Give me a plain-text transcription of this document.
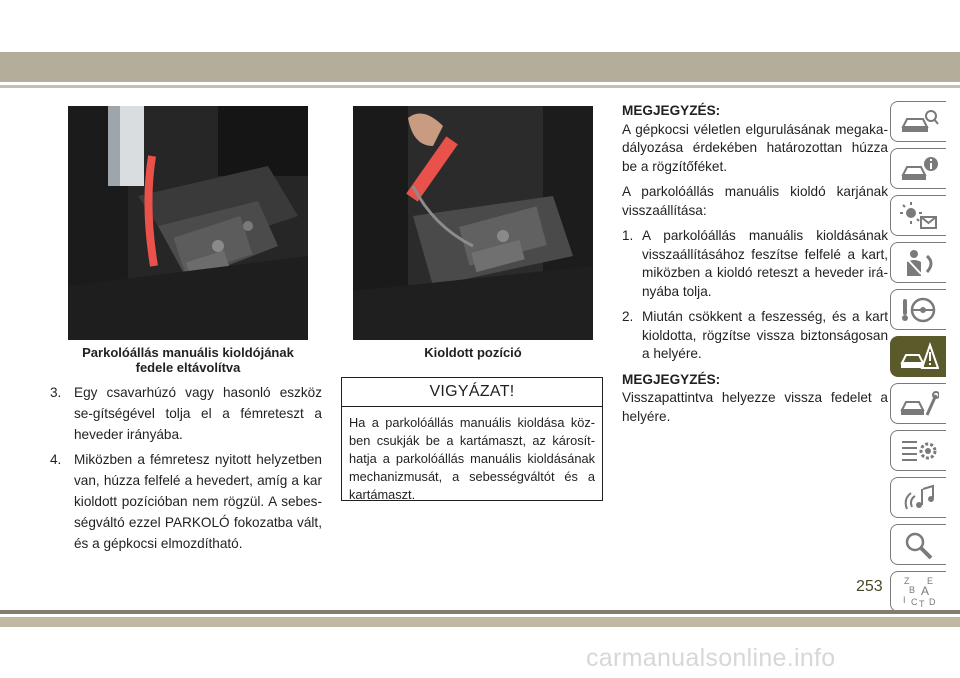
Parkolóállás manuális kioldójának
fedele eltávolítva
Kioldott pozíció
3. Egy csavarhúzó vagy hasonló eszköz se-gítségével tolja el a fémreteszt a heveder irányába.
4. Miközben a fémretesz nyitott helyzetben van, húzza felfelé a hevedert, amíg a kar kioldott pozícióban nem rögzül. A sebes-ségváltó ezzel PARKOLÓ fokozatba vált, és a gépkocsi elmozdítható.
VIGYÁZAT!
Ha a parkolóállás manuális kioldása köz-ben csukják be a kartámaszt, az károsít-hatja a parkolóállás manuális kioldásának mechanizmusát, a sebességváltót és a kartámaszt.
MEGJEGYZÉS:
A gépkocsi véletlen elgurulásának megaka-dályozása érdekében határozottan húzza be a rögzítőféket.

A parkolóállás manuális kioldó karjának visszaállítása:

1. A parkolóállás manuális kioldásának visszaállításához feszítse felfelé a kart, miközben a kioldó reteszt a heveder irá-nyába tolja.
2. Miután csökkent a feszesség, és a kart kioldotta, rögzítse vissza biztonságosan a helyére.
MEGJEGYZÉS:
Visszapattintva helyezze vissza fedelet a helyére.
Z E
B A
I C T D
253
carmanualsonline.info
